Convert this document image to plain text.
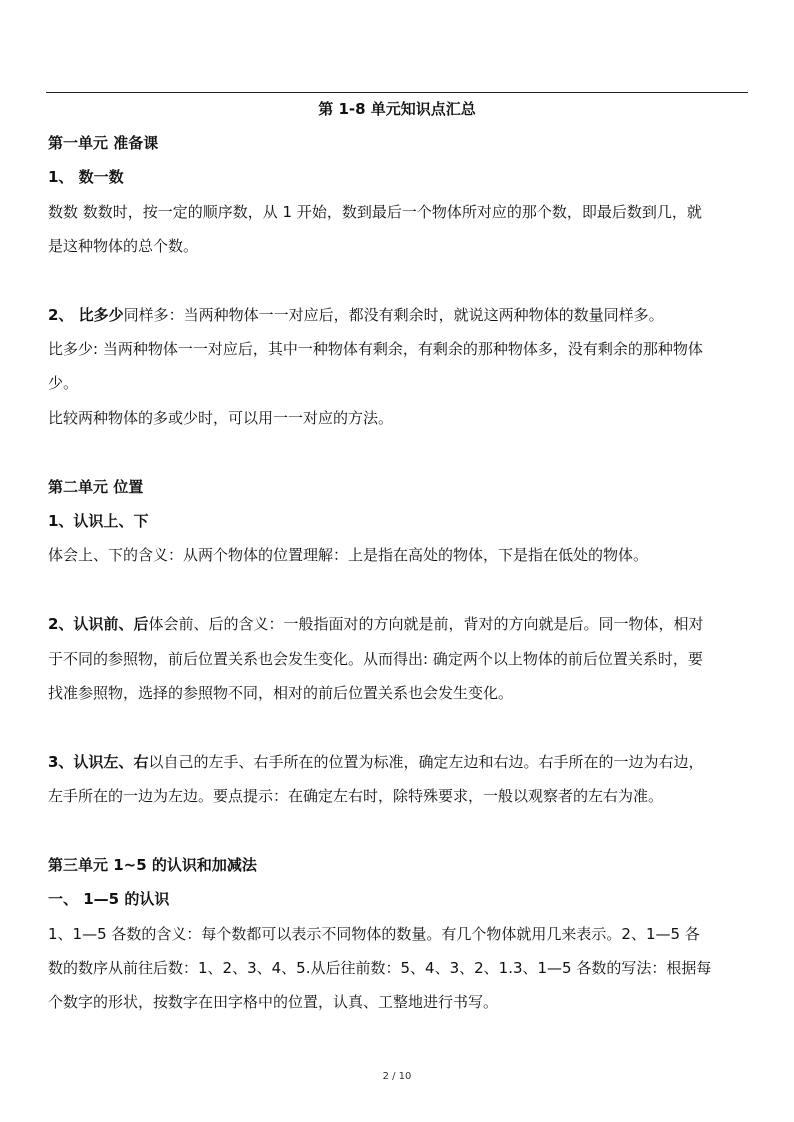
第 1-8 单元知识点汇总
第一单元 准备课
1、 数一数
数数 数数时，按一定的顺序数，从 1 开始，数到最后一个物体所对应的那个数，即最后数到几，就
是这种物体的总个数。
2、 比多少同样多：当两种物体一一对应后，都没有剩余时，就说这两种物体的数量同样多。
比多少: 当两种物体一一对应后，其中一种物体有剩余，有剩余的那种物体多，没有剩余的那种物体
少。
比较两种物体的多或少时，可以用一一对应的方法。
第二单元 位置
1、认识上、下
体会上、下的含义：从两个物体的位置理解：上是指在高处的物体，下是指在低处的物体。
2、认识前、后体会前、后的含义：一般指面对的方向就是前，背对的方向就是后。同一物体，相对
于不同的参照物，前后位置关系也会发生变化。从而得出: 确定两个以上物体的前后位置关系时，要
找准参照物，选择的参照物不同，相对的前后位置关系也会发生变化。
3、认识左、右以自己的左手、右手所在的位置为标准，确定左边和右边。右手所在的一边为右边，
左手所在的一边为左边。要点提示：在确定左右时，除特殊要求，一般以观察者的左右为准。
第三单元 1~5 的认识和加减法
一、 1—5 的认识
1、1—5 各数的含义：每个数都可以表示不同物体的数量。有几个物体就用几来表示。2、1—5 各
数的数序从前往后数：1、2、3、4、5.从后往前数：5、4、3、2、1.3、1—5 各数的写法：根据每
个数字的形状，按数字在田字格中的位置，认真、工整地进行书写。
2 / 10
